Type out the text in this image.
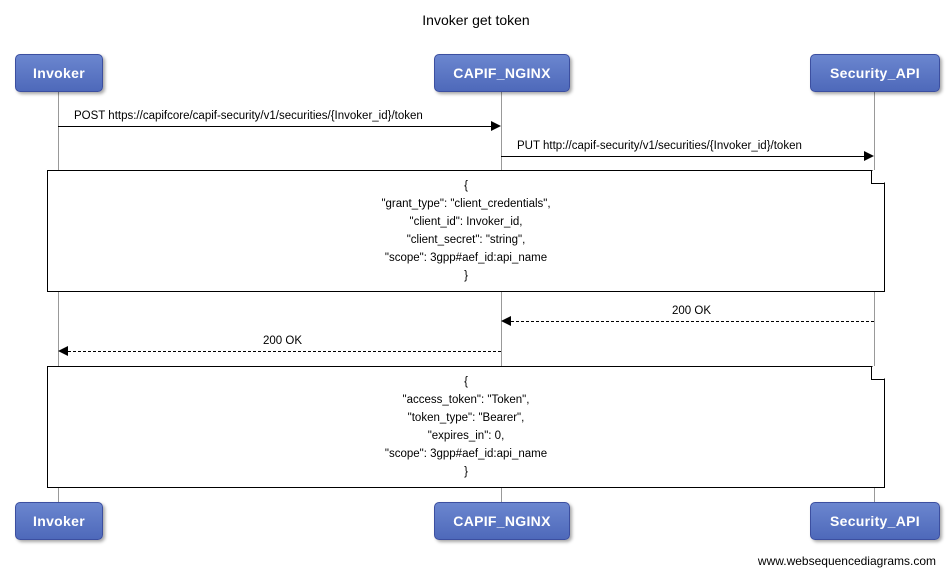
Invoker get token
Invoker	CAPIF_NGINX	Security_API
POST https://capifcore/capif-security/v1/securities/{Invoker_id}/token
PUT http://capif-security/v1/securities/{Invoker_id}/token
{
"grant_type": "client_credentials",
"client_id": Invoker_id,
"client_secret": "string",
"scope": 3gpp#aef_id:api_name
}
200 OK
200 OK
{
"access_token": "Token",
"token_type": "Bearer",
"expires_in": 0,
"scope": 3gpp#aef_id:api_name
}
Invoker	CAPIF_NGINX	Security_API
www.websequencediagrams.com
